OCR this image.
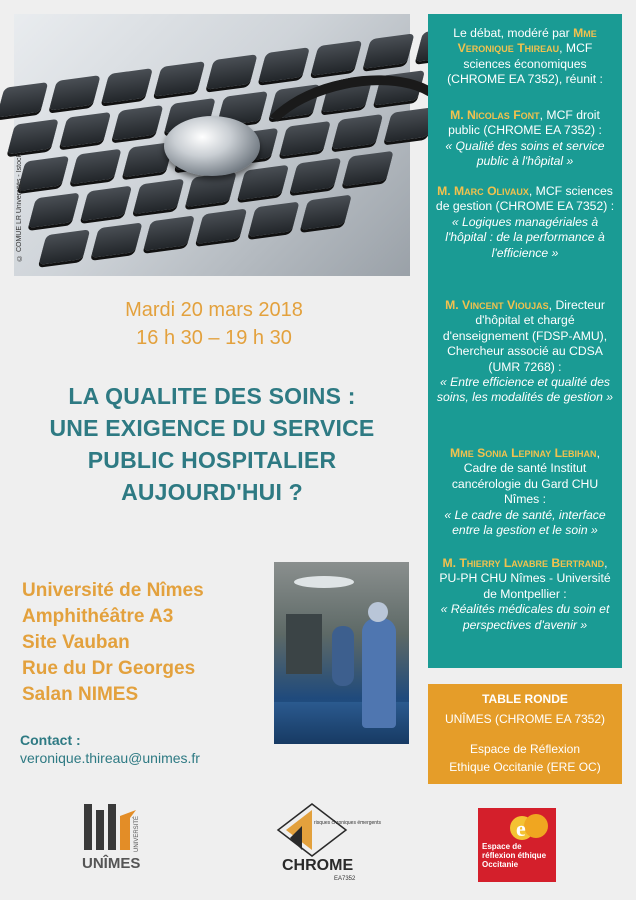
© COMUE LR Universités - Istock
Mardi 20 mars 2018
16 h 30 – 19 h 30
LA QUALITE DES SOINS :
UNE EXIGENCE DU SERVICE
PUBLIC HOSPITALIER
AUJOURD'HUI ?
Université de Nîmes
Amphithéâtre A3
Site Vauban
Rue du Dr Georges
Salan NIMES
Contact :
veronique.thireau@unimes.fr
Le débat, modéré par Mme Veronique Thireau, MCF sciences économiques (CHROME EA 7352), réunit :
M. Nicolas Font, MCF droit public (CHROME EA 7352) :
« Qualité des soins et service public à l'hôpital »
M. Marc Olivaux, MCF sciences de gestion (CHROME EA 7352) :
« Logiques managériales à l'hôpital : de la performance à l'efficience »
M. Vincent Vioujas, Directeur d'hôpital et chargé d'enseignement (FDSP-AMU), Chercheur associé au CDSA (UMR 7268) :
« Entre efficience et qualité des soins, les modalités de gestion »
Mme Sonia Lepinay Lebihan, Cadre de santé Institut cancérologie du Gard CHU Nîmes :
« Le cadre de santé, interface entre la gestion et le soin »
M. Thierry Lavabre Bertrand, PU-PH CHU Nîmes - Université de Montpellier :
« Réalités médicales du soin et perspectives d'avenir »
TABLE RONDE
UNÎMES (CHROME EA 7352)
Espace de Réflexion
Ethique Occitanie (ERE OC)
UNIVERSITÉ
UNÎMES
risques chroniques émergents
CHROME
EA7352
e
Espace de réflexion éthique Occitanie
